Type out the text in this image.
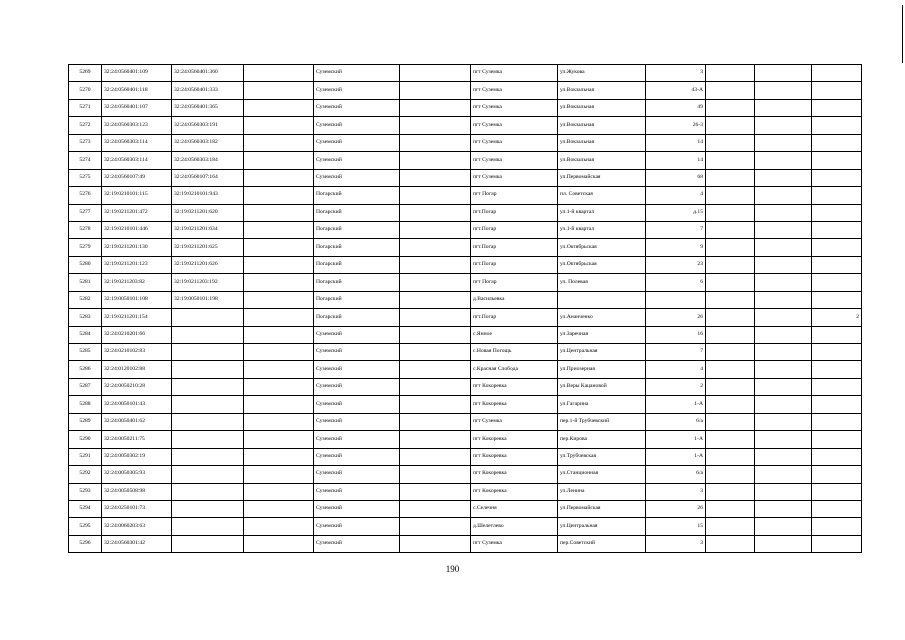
5269	32:24:0560401:109	32:24:0560401:360		Суземский		пгт Суземка	ул.Жукова	3			
5270	32:24:0560401:118	32:24:0560401:333		Суземский		пгт Суземка	ул.Вокзальная	43-А			
5271	32:24:0560401:107	32:24:0560401:365		Суземский		пгт Суземка	ул.Вокзальная	49			
5272	32:24:0560303:123	32:24:0560303:191		Суземский		пгт Суземка	ул.Вокзальная	26-3			
5273	32:24:0560303:114	32:24:0560303:182		Суземский		пгт Суземка	ул.Вокзальная	14			
5274	32:24:0560303:114	32:24:0560303:184		Суземский		пгт Суземка	ул.Вокзальная	14			
5275	32:24:0560107:49	32:24:0560107:164		Суземский		пгт Суземка	ул.Первомайская	68			
5276	32:19:0210101:115	32:19:0210101:943		Погарский		пгт Погар	пл. Советская	4			
5277	32:19:0211201:472	32:19:0211201:620		Погарский		пгт.Погар	ул.1-й квартал	д.15			
5278	32:19:0210101:446	32:19:0211201:634		Погарский		пгт.Погар	ул.1-й квартал	7			
5279	32:19:0211201:130	32:19:0211201:625		Погарский		пгт.Погар	ул.Октябрьская	9			
5280	32:19:0211201:123	32:19:0211201:626		Погарский		пгт.Погар	ул.Октябрьская	23			
5281	32:19:0211203:82	32:19:0211203:192		Погарский		пгт Погар	ул. Полевая	6			
5282	32:19:0050101:108	32:19:0050101:198		Погарский		д.Васильевка					
5283	32:19:0211201:154			Погарский		пгт.Погар	ул.Ананченко	26			2
5284	32:24:0210201:66			Суземский		с.Янное	ул.Заречная	16			
5285	32:24:0210102:83			Суземский		с.Новая Погощь	ул.Центральная	7			
5286	32:24:0120102:88			Суземский		с.Красная Слобода	ул.Приозерная	4			
5287	32:24:0050210:28			Суземский		пгт Кокоревка	ул.Веры Кацановой	2			
5288	32:24:0050101:43			Суземский		пгт Кокоревка	ул.Гагарина	1-А			
5289	32:24:0050401:62			Суземский		пгт Суземка	пер.1-й Трубчевский	6/а			
5290	32:24:0050211:75			Суземский		пгт Кокоревка	пер.Кирова	1-А			
5291	32:24:0050302:19			Суземский		пгт Кокоревка	ул.Трубчевская	1-А			
5292	32:24:0050305:93			Суземский		пгт Кокоревка	ул.Станционная	6/а			
5293	32:24:0050508:98			Суземский		пгт Кокоревка	ул.Ленина	3			
5294	32:24:0250101:73			Суземский		с.Селечня	ул.Первомайская	26			
5295	32:24:0060203:63			Суземский		д.Шелетлево	ул.Центральная	15			
5296	32:24:0560301:42			Суземский		пгт Суземка	пер.Советский	3			
190
